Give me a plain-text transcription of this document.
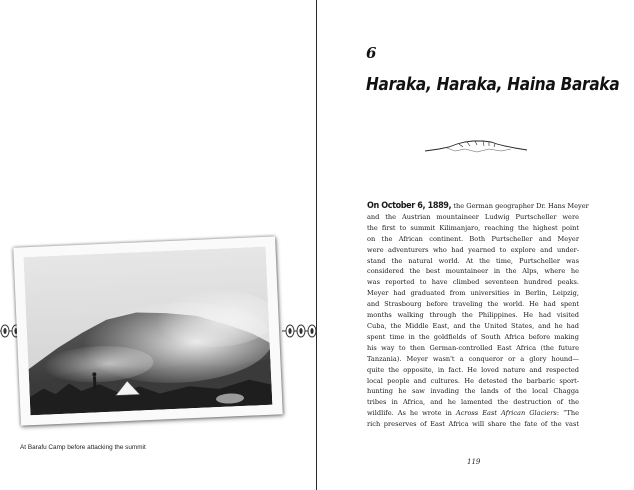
At Barafu Camp before attacking the summit
6
Haraka, Haraka, Haina Baraka

On October 6, 1889, the German geographer Dr. Hans Meyer

and the Austrian mountaineer Ludwig Purtscheller were

the first to summit Kilimanjaro, reaching the highest point

on the African continent. Both Purtscheller and Meyer

were adventurers who had yearned to explore and under-

stand the natural world. At the time, Purtscheller was

considered the best mountaineer in the Alps, where he

was reported to have climbed seventeen hundred peaks.

Meyer had graduated from universities in Berlin, Leipzig,

and Strasbourg before traveling the world. He had spent

months walking through the Philippines. He had visited

Cuba, the Middle East, and the United States, and he had

spent time in the goldfields of South Africa before making

his way to then German-controlled East Africa (the future

Tanzania). Meyer wasn't a conqueror or a glory hound—

quite the opposite, in fact. He loved nature and respected

local people and cultures. He detested the barbaric sport-

hunting he saw invading the lands of the local Chagga

tribes in Africa, and he lamented the destruction of the

wildlife. As he wrote in Across East African Glaciers: “The

rich preserves of East Africa will share the fate of the vast

119
